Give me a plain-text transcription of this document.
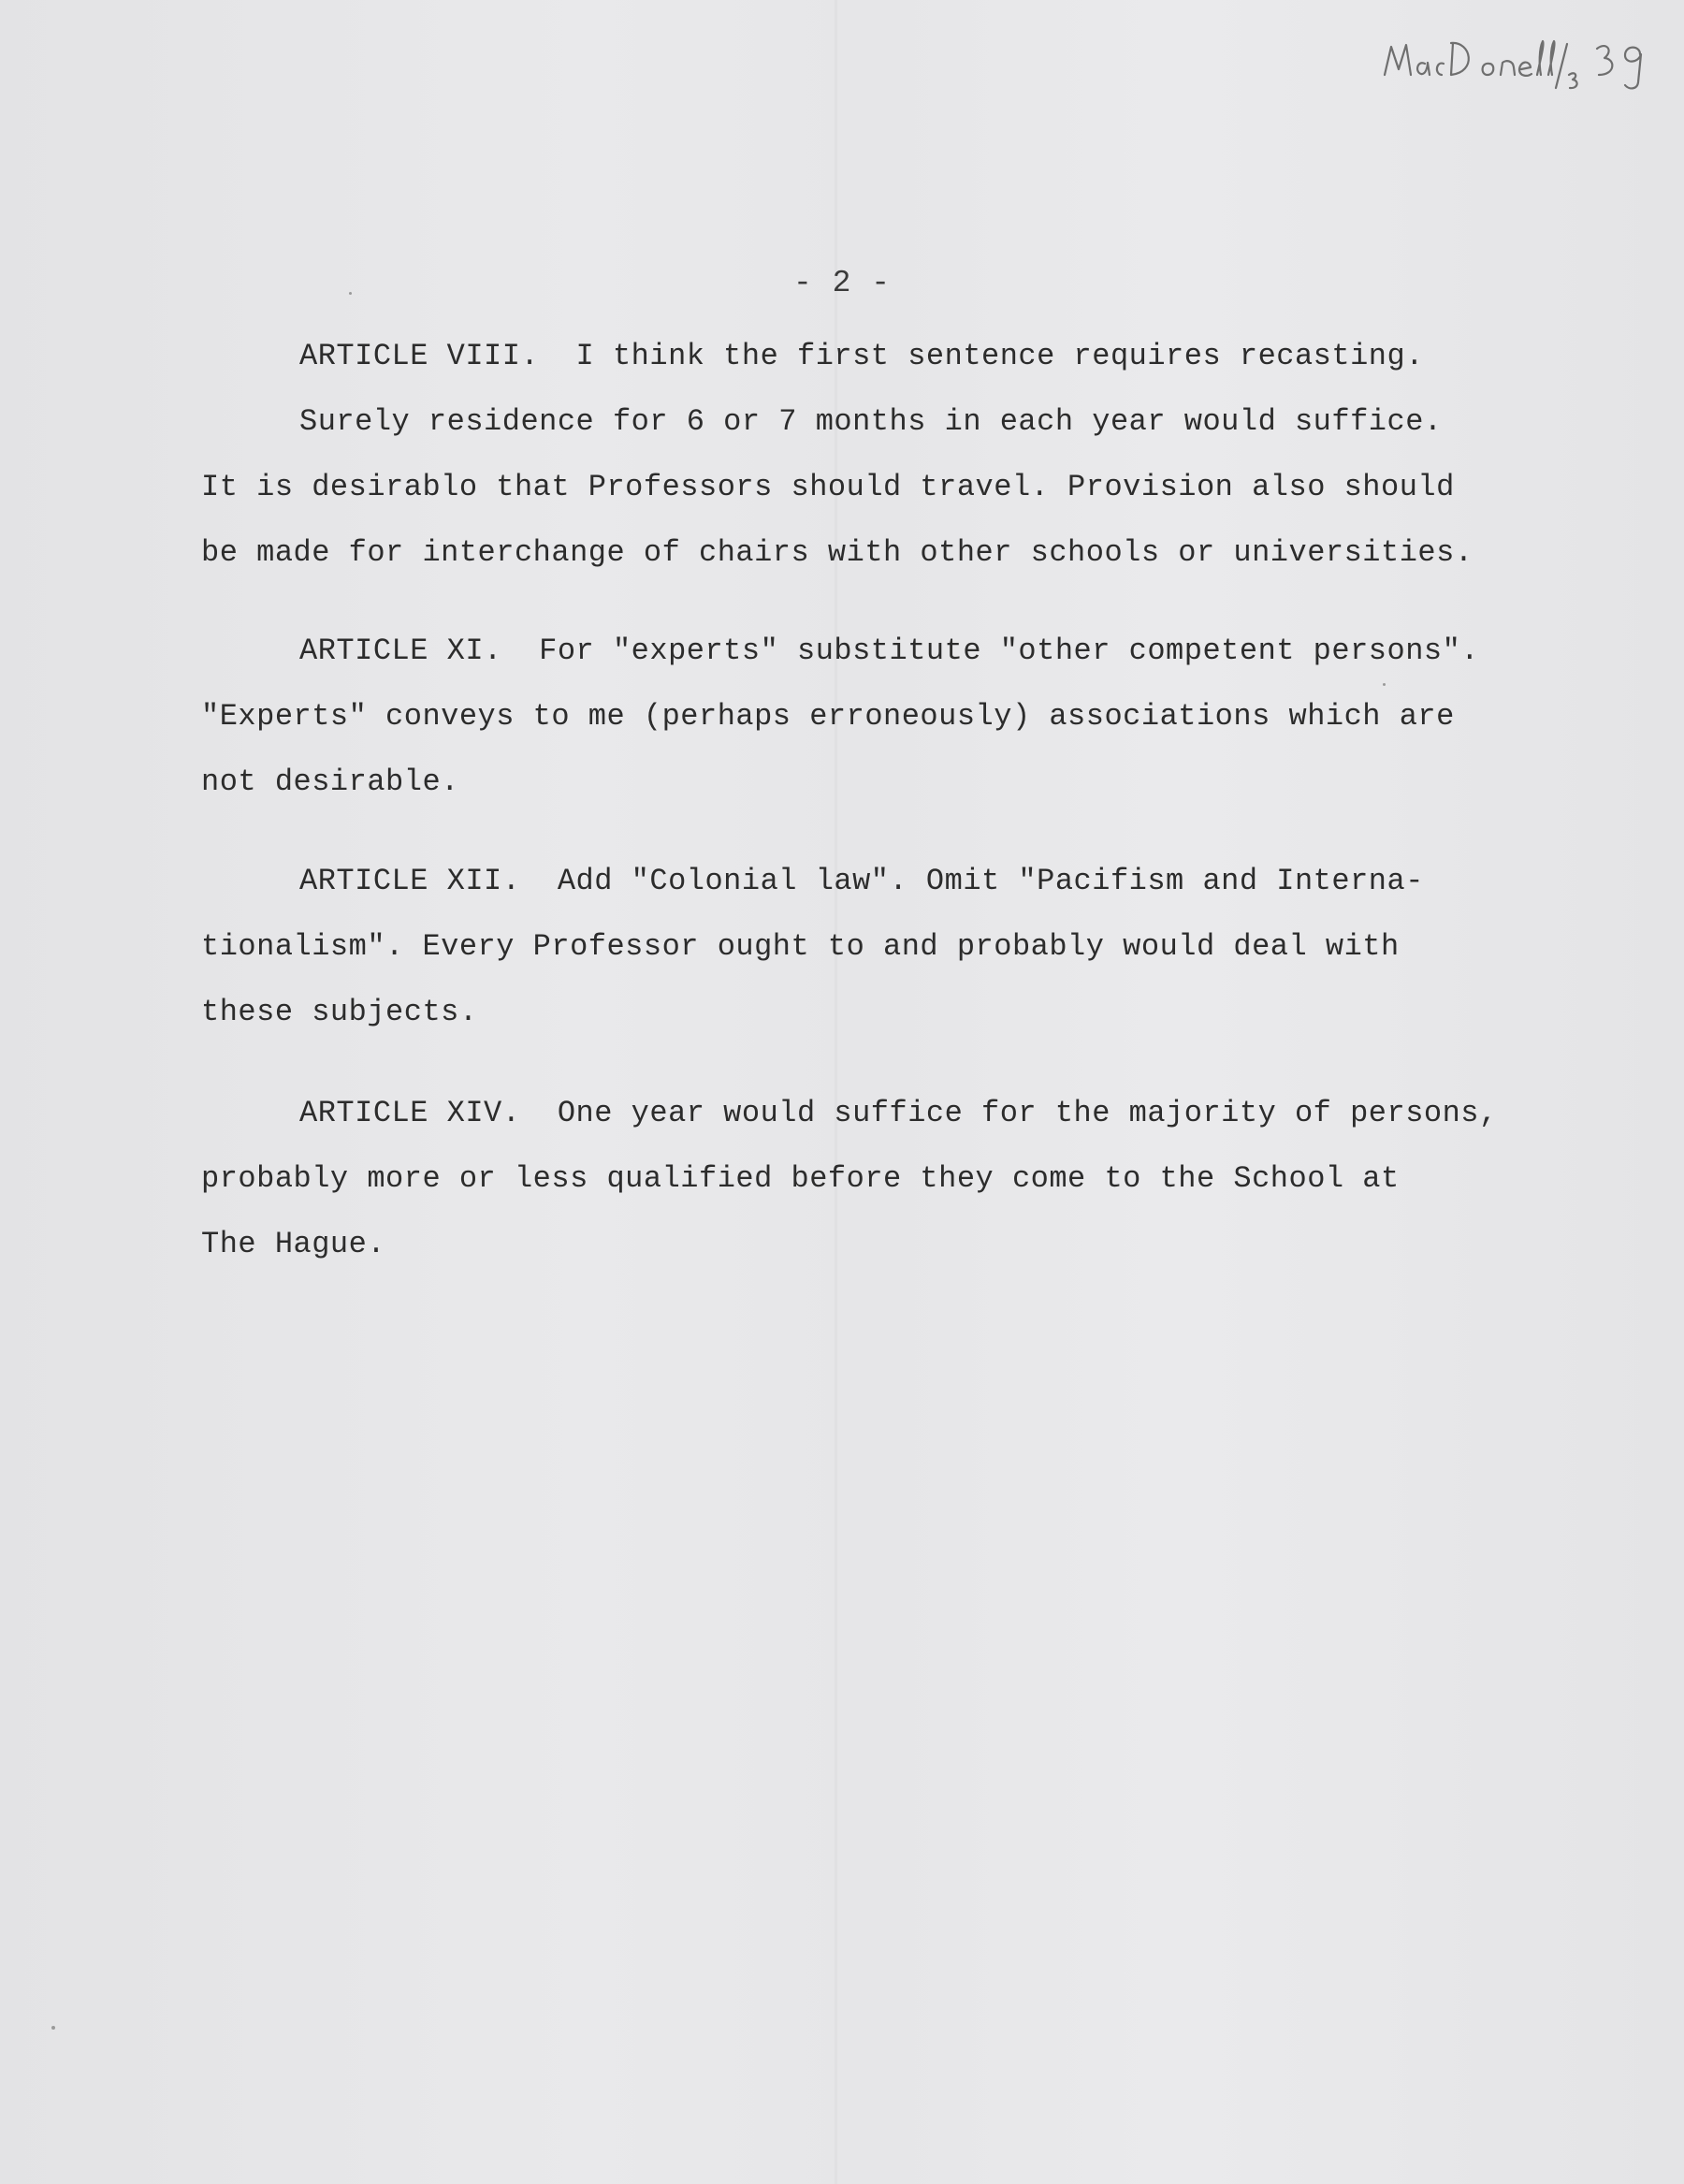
- 2 -
ARTICLE VIII.  I think the first sentence requires recasting.
Surely residence for 6 or 7 months in each year would suffice.
It is desirablo that Professors should travel. Provision also should
be made for interchange of chairs with other schools or universities.
ARTICLE XI.  For "experts" substitute "other competent persons".
"Experts" conveys to me (perhaps erroneously) associations which are
not desirable.
ARTICLE XII.  Add "Colonial law". Omit "Pacifism and Interna-
tionalism". Every Professor ought to and probably would deal with
these subjects.
ARTICLE XIV.  One year would suffice for the majority of persons,
probably more or less qualified before they come to the School at
The Hague.
